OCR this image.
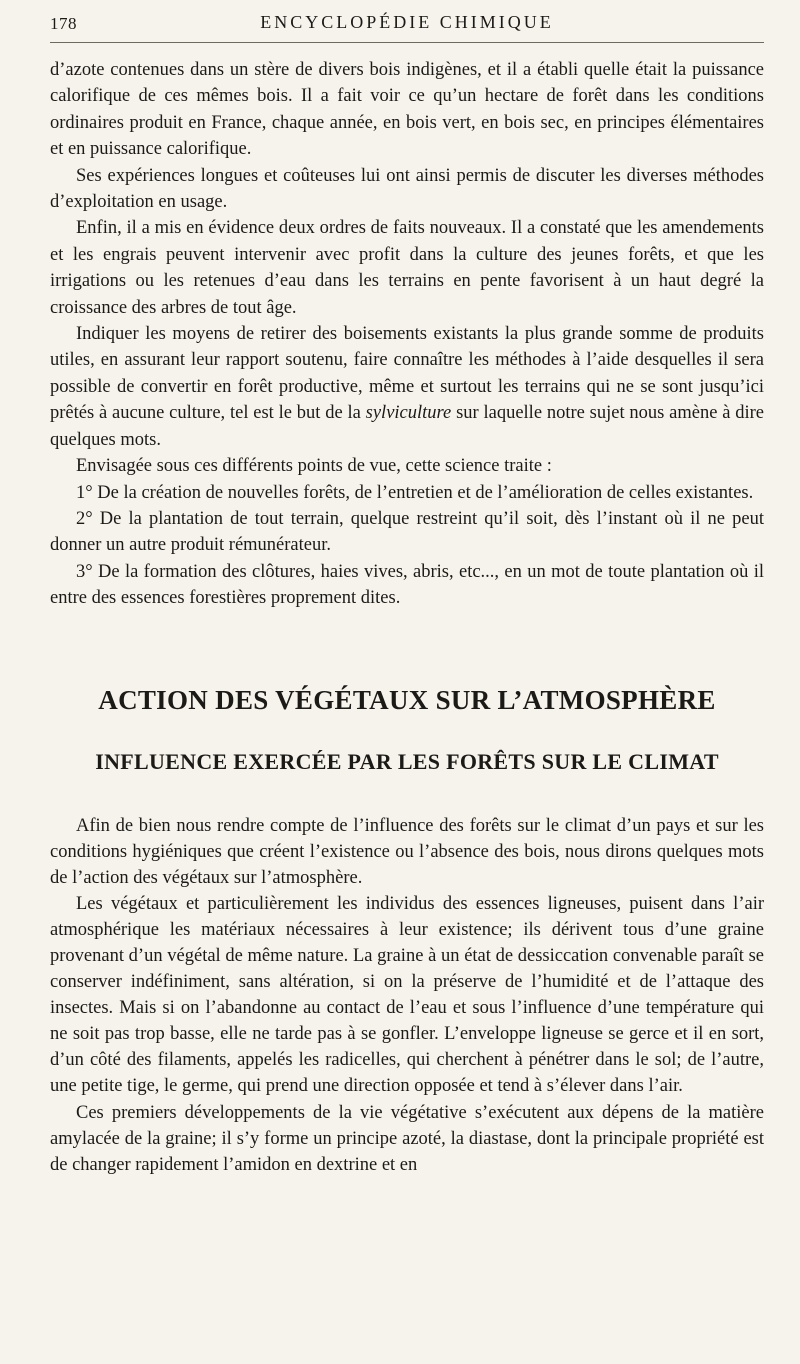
178	ENCYCLOPÉDIE CHIMIQUE

d’azote contenues dans un stère de divers bois indigènes, et il a établi quelle était la puissance calorifique de ces mêmes bois. Il a fait voir ce qu’un hectare de forêt dans les conditions ordinaires produit en France, chaque année, en bois vert, en bois sec, en principes élémentaires et en puissance calorifique.

Ses expériences longues et coûteuses lui ont ainsi permis de discuter les diverses méthodes d’exploitation en usage.

Enfin, il a mis en évidence deux ordres de faits nouveaux. Il a constaté que les amendements et les engrais peuvent intervenir avec profit dans la culture des jeunes forêts, et que les irrigations ou les retenues d’eau dans les terrains en pente favorisent à un haut degré la croissance des arbres de tout âge.

Indiquer les moyens de retirer des boisements existants la plus grande somme de produits utiles, en assurant leur rapport soutenu, faire connaître les méthodes à l’aide desquelles il sera possible de convertir en forêt productive, même et surtout les terrains qui ne se sont jusqu’ici prêtés à aucune culture, tel est le but de la sylviculture sur laquelle notre sujet nous amène à dire quelques mots.

Envisagée sous ces différents points de vue, cette science traite :

1° De la création de nouvelles forêts, de l’entretien et de l’amélioration de celles existantes.

2° De la plantation de tout terrain, quelque restreint qu’il soit, dès l’instant où il ne peut donner un autre produit rémunérateur.

3° De la formation des clôtures, haies vives, abris, etc..., en un mot de toute plantation où il entre des essences forestières proprement dites.

ACTION DES VÉGÉTAUX SUR L’ATMOSPHÈRE
INFLUENCE EXERCÉE PAR LES FORÊTS SUR LE CLIMAT

Afin de bien nous rendre compte de l’influence des forêts sur le climat d’un pays et sur les conditions hygiéniques que créent l’existence ou l’absence des bois, nous dirons quelques mots de l’action des végétaux sur l’atmosphère.

Les végétaux et particulièrement les individus des essences ligneuses, puisent dans l’air atmosphérique les matériaux nécessaires à leur existence; ils dérivent tous d’une graine provenant d’un végétal de même nature. La graine à un état de dessiccation convenable paraît se conserver indéfiniment, sans altération, si on la préserve de l’humidité et de l’attaque des insectes. Mais si on l’abandonne au contact de l’eau et sous l’influence d’une température qui ne soit pas trop basse, elle ne tarde pas à se gonfler. L’enveloppe ligneuse se gerce et il en sort, d’un côté des filaments, appelés les radicelles, qui cherchent à pénétrer dans le sol; de l’autre, une petite tige, le germe, qui prend une direction opposée et tend à s’élever dans l’air.

Ces premiers développements de la vie végétative s’exécutent aux dépens de la matière amylacée de la graine; il s’y forme un principe azoté, la diastase, dont la principale propriété est de changer rapidement l’amidon en dextrine et en
